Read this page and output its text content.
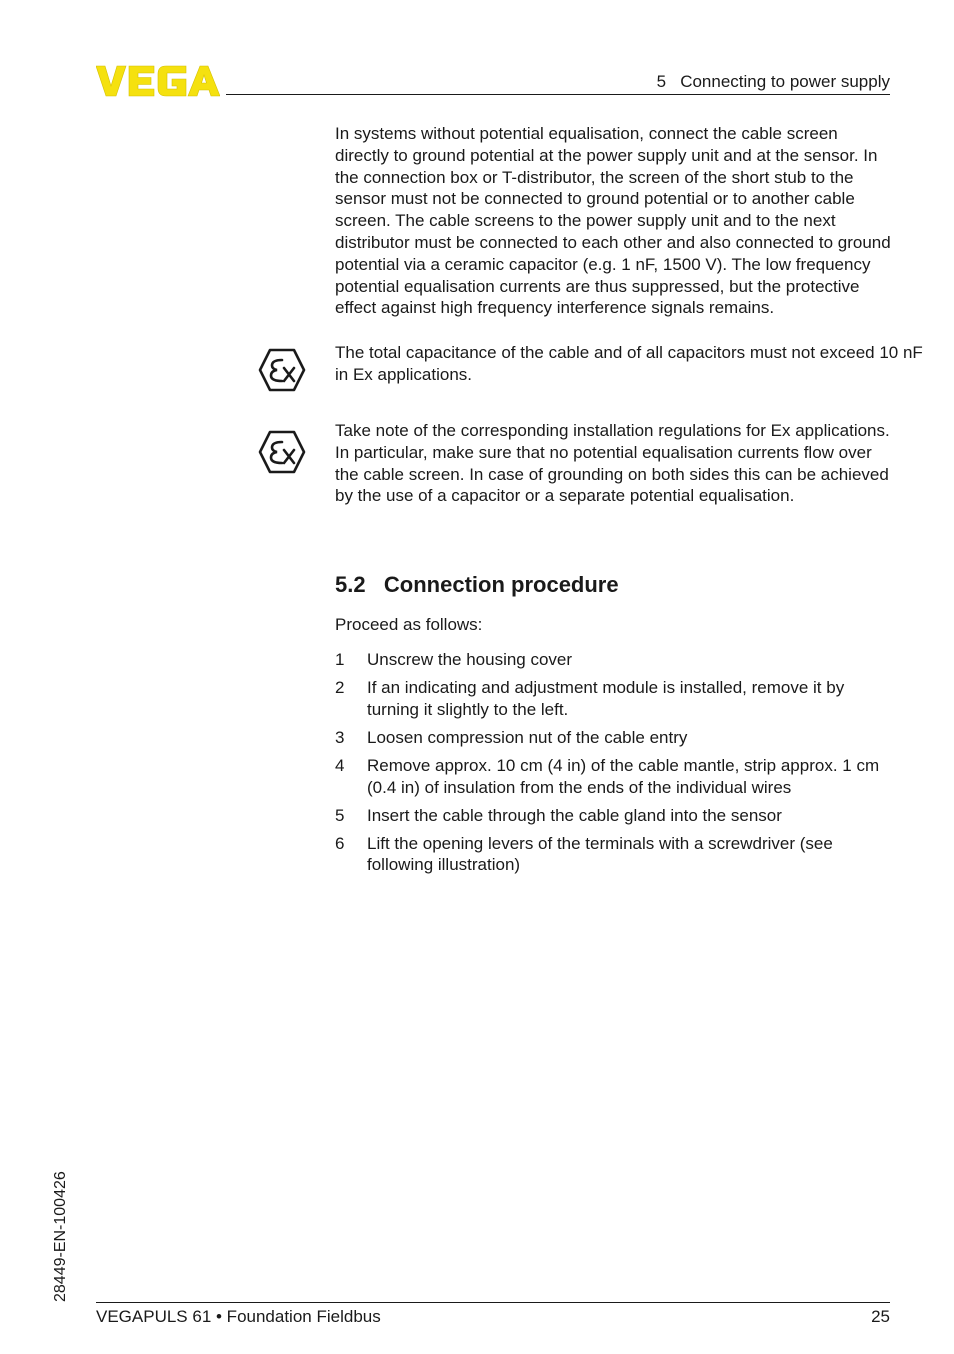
5   Connecting to power supply

In systems without potential equalisation, connect the cable screen directly to ground potential at the power supply unit and at the sensor. In the connection box or T-distributor, the screen of the short stub to the sensor must not be connected to ground potential or to another cable screen. The cable screens to the power supply unit and to the next distributor must be connected to each other and also connected to ground potential via a ceramic capacitor (e.g. 1 nF, 1500 V). The low frequency potential equalisation currents are thus suppressed, but the protective effect against high frequency interference signals remains.

The total capacitance of the cable and of all capacitors must not exceed 10 nF in Ex applications.

Take note of the corresponding installation regulations for Ex applications. In particular, make sure that no potential equalisation currents flow over the cable screen. In case of grounding on both sides this can be achieved by the use of a capacitor or a separate potential equalisation.

5.2   Connection procedure

Proceed as follows:

1 Unscrew the housing cover
2 If an indicating and adjustment module is installed, remove it by turning it slightly to the left.
3 Loosen compression nut of the cable entry
4 Remove approx. 10 cm (4 in) of the cable mantle, strip approx. 1 cm (0.4 in) of insulation from the ends of the individual wires
5 Insert the cable through the cable gland into the sensor
6 Lift the opening levers of the terminals with a screwdriver (see following illustration)
28449-EN-100426
VEGAPULS 61 • Foundation Fieldbus	25
